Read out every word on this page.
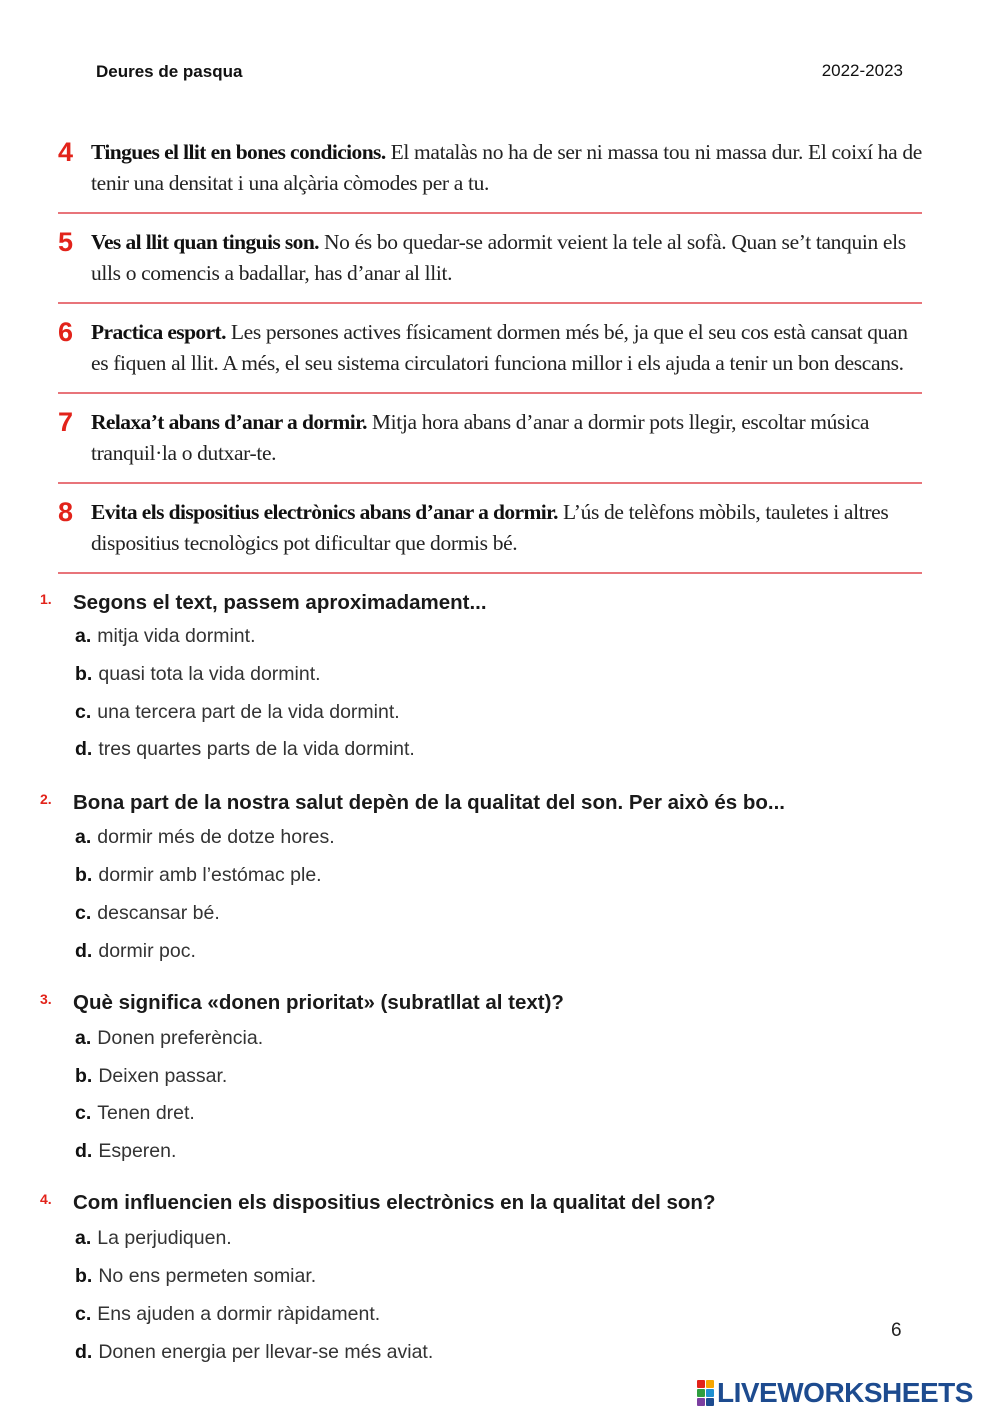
Deures de pasqua	2022-2023
4 Tingues el llit en bones condicions. El matalàs no ha de ser ni massa tou ni massa dur. El coixí ha de tenir una densitat i una alçària còmodes per a tu.
5 Ves al llit quan tinguis son. No és bo quedar-se adormit veient la tele al sofà. Quan se’t tanquin els ulls o comencis a badallar, has d’anar al llit.
6 Practica esport. Les persones actives físicament dormen més bé, ja que el seu cos està cansat quan es fiquen al llit. A més, el seu sistema circulatori funciona millor i els ajuda a tenir un bon descans.
7 Relaxa’t abans d’anar a dormir. Mitja hora abans d’anar a dormir pots llegir, escoltar música tranquil·la o dutxar-te.
8 Evita els dispositius electrònics abans d’anar a dormir. L’ús de telèfons mòbils, tauletes i altres dispositius tecnològics pot dificultar que dormis bé.
1. Segons el text, passem aproximadament...
a. mitja vida dormint.
b. quasi tota la vida dormint.
c. una tercera part de la vida dormint.
d. tres quartes parts de la vida dormint.
2. Bona part de la nostra salut depèn de la qualitat del son. Per això és bo...
a. dormir més de dotze hores.
b. dormir amb l’estómac ple.
c. descansar bé.
d. dormir poc.
3. Què significa «donen prioritat» (subratllat al text)?
a. Donen preferència.
b. Deixen passar.
c. Tenen dret.
d. Esperen.
4. Com influencien els dispositius electrònics en la qualitat del son?
a. La perjudiquen.
b. No ens permeten somiar.
c. Ens ajuden a dormir ràpidament.
d. Donen energia per llevar-se més aviat.
6
LIVEWORKSHEETS
